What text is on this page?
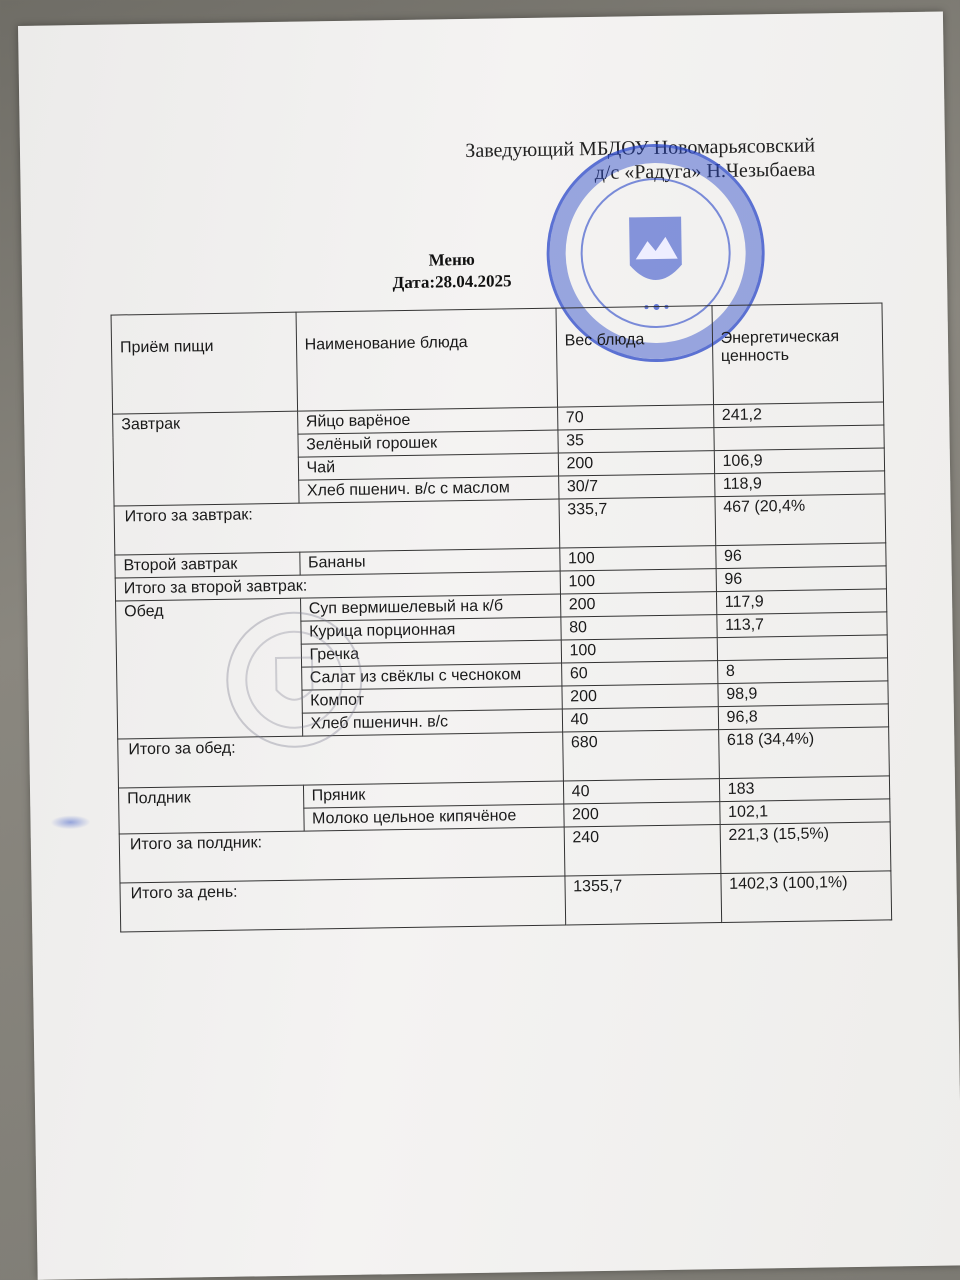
Заведующий МБДОУ Новомарьясовский
д/с «Радуга» Н.Чезыбаева
Меню
Дата:28.04.2025
Приём пищи	Наименование блюда	Вес блюда	Энергетическая ценность
Завтрак	Яйцо варёное	70	241,2
	Зелёный горошек	35	
	Чай	200	106,9
	Хлеб пшенич. в/с с маслом	30/7	118,9
Итого за завтрак:		335,7	467 (20,4%
Второй завтрак	Бананы	100	96
Итого за второй завтрак:		100	96
Обед	Суп вермишелевый на к/б	200	117,9
	Курица порционная	80	113,7
	Гречка	100	
	Салат из свёклы с чесноком	60	8
	Компот	200	98,9
	Хлеб пшеничн. в/с	40	96,8
Итого за обед:		680	618 (34,4%)
Полдник	Пряник	40	183
	Молоко цельное кипячёное	200	102,1
Итого за полдник:		240	221,3 (15,5%)
Итого за день:		1355,7	1402,3 (100,1%)
